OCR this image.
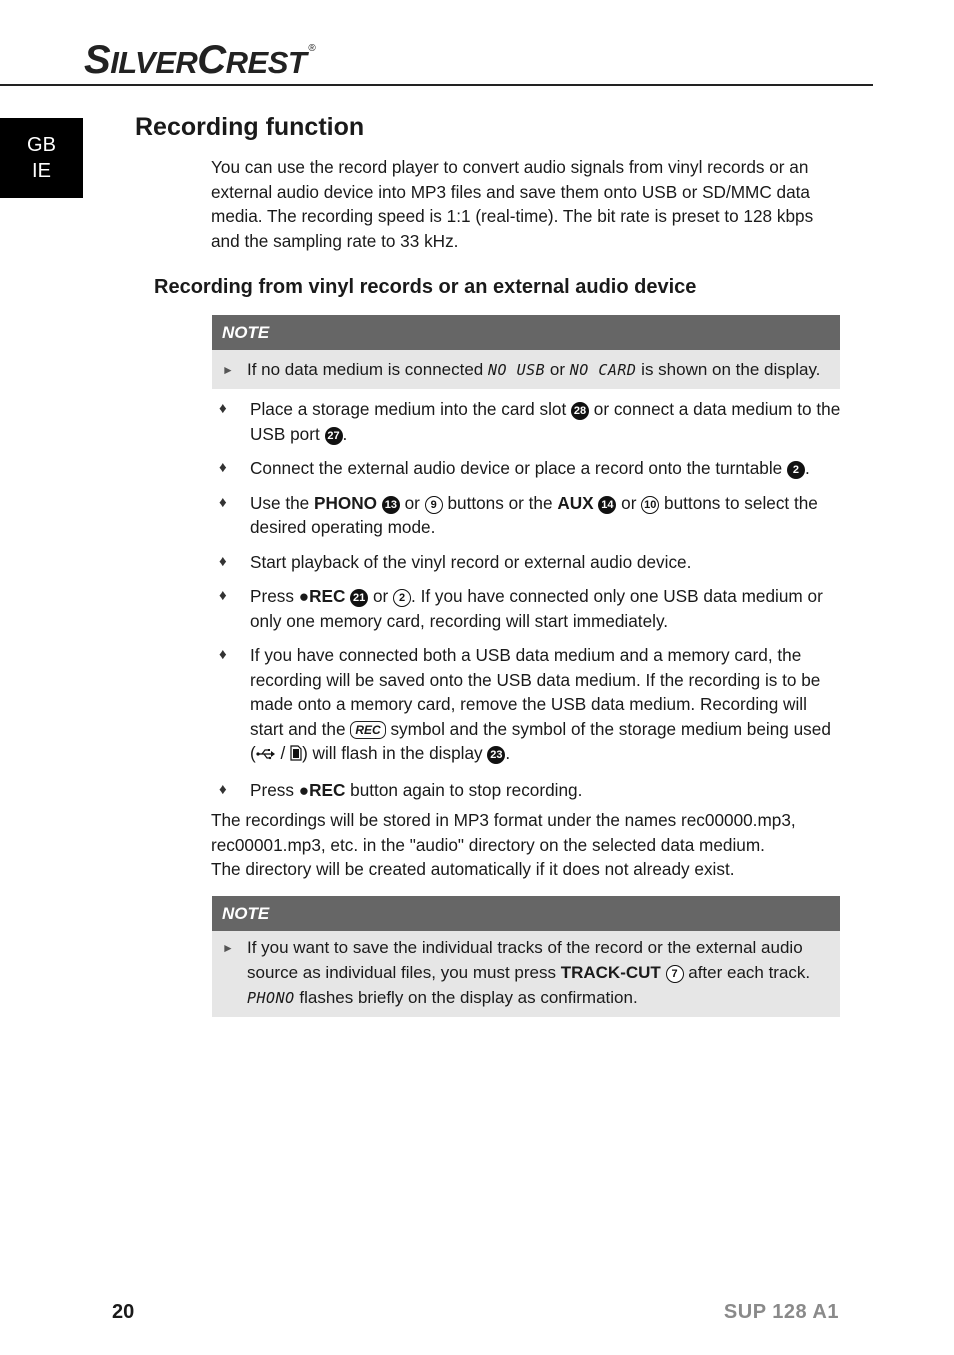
SILVERCREST ®
GB
IE
Recording function

You can use the record player to convert audio signals from vinyl records or an external audio device into MP3 files and save them onto USB or SD/MMC data media. The recording speed is 1:1 (real-time). The bit rate is preset to 128 kbps and the sampling rate to 33 kHz.

Recording from vinyl records or an external audio device
NOTE
► If no data medium is connected NO USB or NO CARD is shown on the display.
♦ Place a storage medium into the card slot 28 or connect a data medium to the USB port 27 .
♦ Connect the external audio device or place a record onto the turntable 2 .
♦ Use the PHONO 13 or 9 buttons or the AUX 14 or 10 buttons to select the desired operating mode.
♦ Start playback of the vinyl record or external audio device.
♦ Press ●REC 21 or 2 . If you have connected only one USB data medium or only one memory card, recording will start immediately.
♦ If you have connected both a USB data medium and a memory card, the recording will be saved onto the USB data medium. If the recording is to be made onto a memory card, remove the USB data medium. Recording will start and the REC symbol and the symbol of the storage medium being used ( / ) will flash in the display 23 .
♦ Press ●REC button again to stop recording.
The recordings will be stored in MP3 format under the names rec00000.mp3, rec00001.mp3, etc. in the "audio" directory on the selected data medium.
The directory will be created automatically if it does not already exist.
NOTE
► If you want to save the individual tracks of the record or the external audio source as individual files, you must press TRACK-CUT 7 after each track. PHONO flashes briefly on the display as confirmation.
20	SUP 128 A1
